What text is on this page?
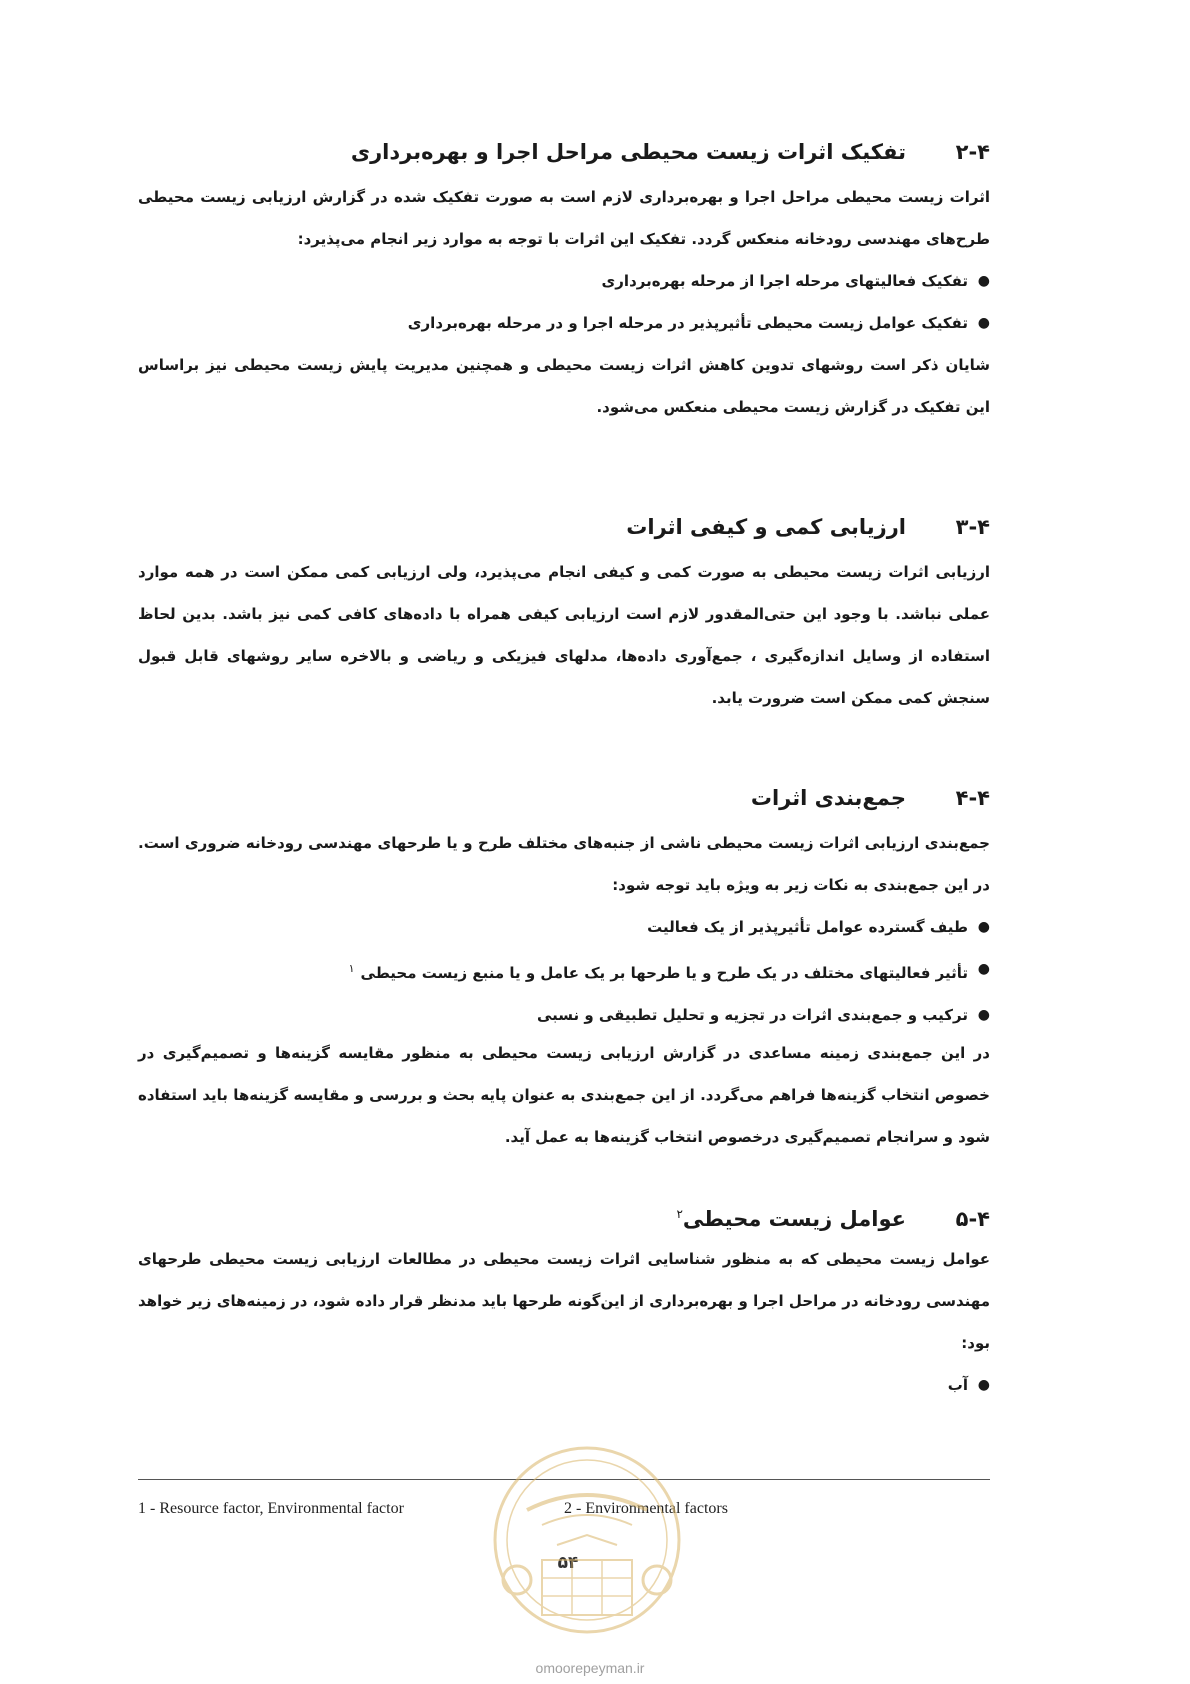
۲-۴تفکیک اثرات زیست محیطی مراحل اجرا و بهره‌برداری

اثرات زیست محیطی مراحل اجرا و بهره‌برداری لازم است به صورت تفکیک شده در گزارش ارزیابی زیست محیطی طرح‌های مهندسی رودخانه منعکس گردد. تفکیک این اثرات با توجه به موارد زیر انجام می‌پذیرد:

●
تفکیک فعالیتهای مرحله اجرا از مرحله بهره‌برداری
●
تفکیک عوامل زیست محیطی تأثیرپذیر در مرحله اجرا و در مرحله بهره‌برداری

شایان ذکر است روشهای تدوین کاهش اثرات زیست محیطی و همچنین مدیریت پایش زیست محیطی نیز براساس این تفکیک در گزارش زیست محیطی منعکس می‌شود.

۳-۴ارزیابی کمی و کیفی اثرات

ارزیابی اثرات زیست محیطی به صورت کمی و کیفی انجام می‌پذیرد، ولی ارزیابی کمی ممکن است در همه موارد عملی نباشد. با وجود این حتی‌المقدور لازم است ارزیابی کیفی همراه با داده‌های کافی کمی نیز باشد. بدین لحاظ استفاده از وسایل اندازه‌گیری ، جمع‌آوری داده‌ها، مدلهای فیزیکی و ریاضی و بالاخره سایر روشهای قابل قبول سنجش کمی ممکن است ضرورت یابد.

۴-۴جمع‌بندی اثرات

جمع‌بندی ارزیابی اثرات زیست محیطی ناشی از جنبه‌های مختلف طرح و یا طرحهای مهندسی رودخانه ضروری است. در این جمع‌بندی به نکات زیر به ویژه باید توجه شود:

●
طیف گسترده عوامل تأثیرپذیر از یک فعالیت
●
تأثیر فعالیتهای مختلف در یک طرح و یا طرحها بر یک عامل و یا منبع زیست محیطی$^۱$
●
ترکیب و جمع‌بندی اثرات در تجزیه و تحلیل تطبیقی و نسبی

در این جمع‌بندی زمینه مساعدی در گزارش ارزیابی زیست محیطی به منظور مقایسه گزینه‌ها و تصمیم‌گیری در خصوص انتخاب گزینه‌ها فراهم می‌گردد. از این جمع‌بندی به عنوان پایه بحث و بررسی و مقایسه گزینه‌ها باید استفاده شود و سرانجام تصمیم‌گیری درخصوص انتخاب گزینه‌ها به عمل آید.

۵-۴عوامل زیست محیطی$^۲$

عوامل زیست محیطی که به منظور شناسایی اثرات زیست محیطی در مطالعات ارزیابی زیست محیطی طرحهای مهندسی رودخانه در مراحل اجرا و بهره‌برداری از این‌گونه طرحها باید مدنظر قرار داده شود، در زمینه‌های زیر خواهد بود:

●
آب
1 - Resource factor, Environmental factor	2 - Environmental factors
۵۴
omoorepeyman.ir
